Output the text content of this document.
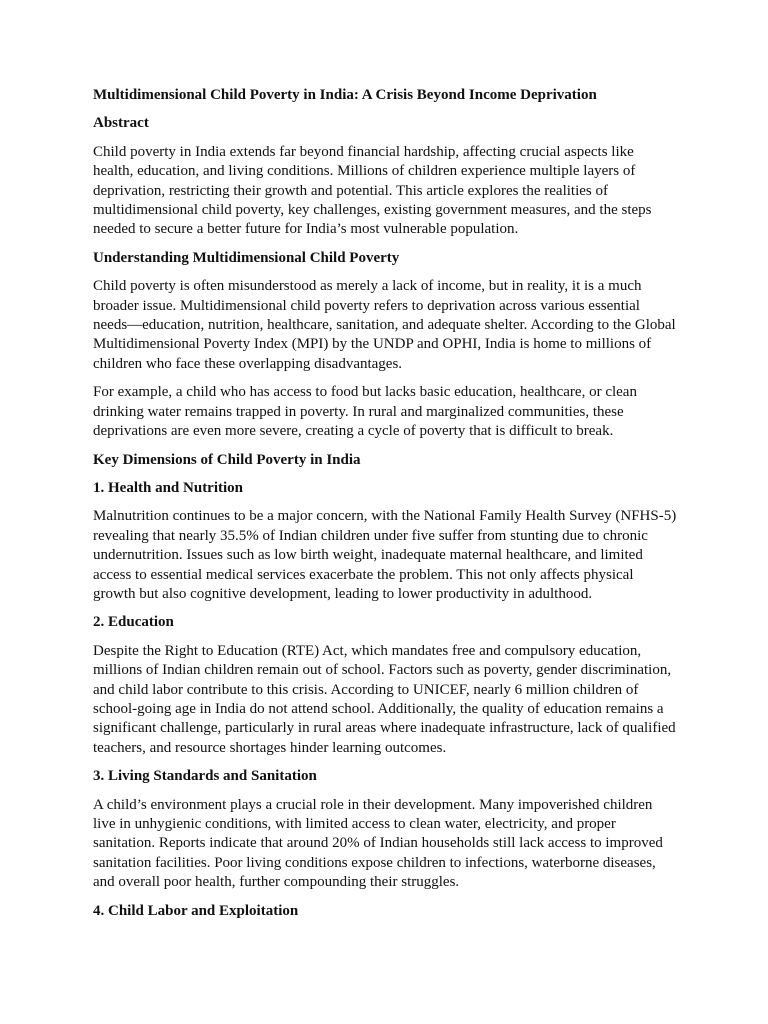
Multidimensional Child Poverty in India: A Crisis Beyond Income Deprivation

Abstract

Child poverty in India extends far beyond financial hardship, affecting crucial aspects like health, education, and living conditions. Millions of children experience multiple layers of deprivation, restricting their growth and potential. This article explores the realities of multidimensional child poverty, key challenges, existing government measures, and the steps needed to secure a better future for India’s most vulnerable population.

Understanding Multidimensional Child Poverty

Child poverty is often misunderstood as merely a lack of income, but in reality, it is a much broader issue. Multidimensional child poverty refers to deprivation across various essential needs—education, nutrition, healthcare, sanitation, and adequate shelter. According to the Global Multidimensional Poverty Index (MPI) by the UNDP and OPHI, India is home to millions of children who face these overlapping disadvantages.

For example, a child who has access to food but lacks basic education, healthcare, or clean drinking water remains trapped in poverty. In rural and marginalized communities, these deprivations are even more severe, creating a cycle of poverty that is difficult to break.

Key Dimensions of Child Poverty in India

1. Health and Nutrition

Malnutrition continues to be a major concern, with the National Family Health Survey (NFHS-5) revealing that nearly 35.5% of Indian children under five suffer from stunting due to chronic undernutrition. Issues such as low birth weight, inadequate maternal healthcare, and limited access to essential medical services exacerbate the problem. This not only affects physical growth but also cognitive development, leading to lower productivity in adulthood.

2. Education

Despite the Right to Education (RTE) Act, which mandates free and compulsory education, millions of Indian children remain out of school. Factors such as poverty, gender discrimination, and child labor contribute to this crisis. According to UNICEF, nearly 6 million children of school-going age in India do not attend school. Additionally, the quality of education remains a significant challenge, particularly in rural areas where inadequate infrastructure, lack of qualified teachers, and resource shortages hinder learning outcomes.

3. Living Standards and Sanitation

A child’s environment plays a crucial role in their development. Many impoverished children live in unhygienic conditions, with limited access to clean water, electricity, and proper sanitation. Reports indicate that around 20% of Indian households still lack access to improved sanitation facilities. Poor living conditions expose children to infections, waterborne diseases, and overall poor health, further compounding their struggles.

4. Child Labor and Exploitation
